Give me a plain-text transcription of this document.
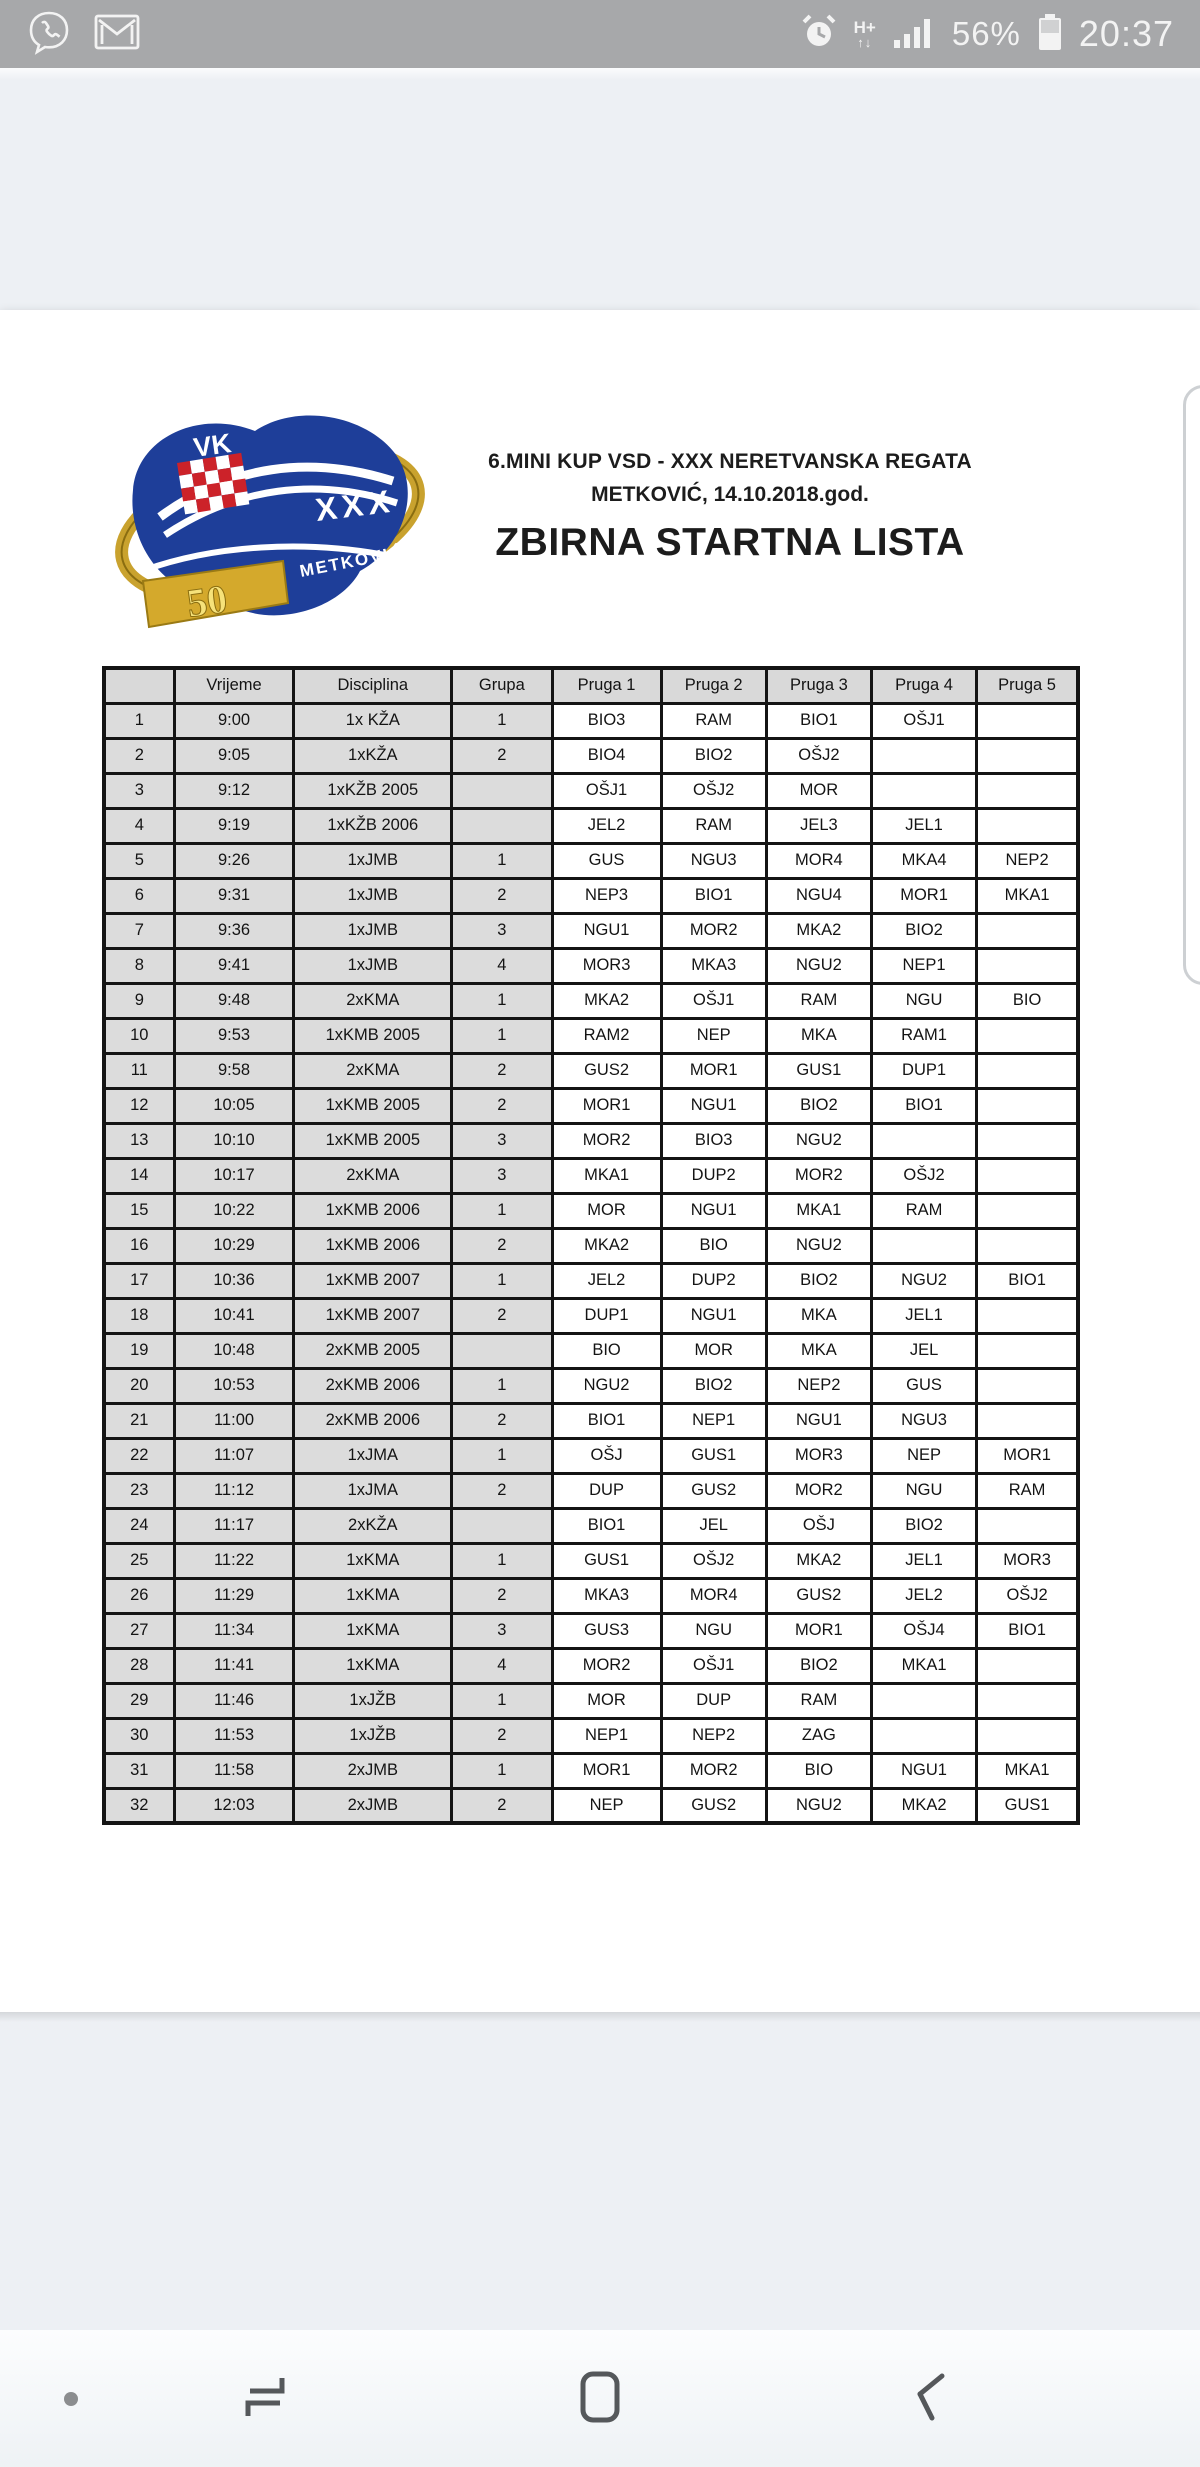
H+
↑↓ 56% 20:37
VK
XXX
METKOVIĆ
50
6.MINI KUP VSD - XXX NERETVANSKA REGATA
METKOVIĆ, 14.10.2018.god.
ZBIRNA STARTNA LISTA
	Vrijeme	Disciplina	Grupa	Pruga 1	Pruga 2	Pruga 3	Pruga 4	Pruga 5
1	9:00	1x KŽA	1	BIO3	RAM	BIO1	OŠJ1	
2	9:05	1xKŽA	2	BIO4	BIO2	OŠJ2		
3	9:12	1xKŽB 2005		OŠJ1	OŠJ2	MOR		
4	9:19	1xKŽB 2006		JEL2	RAM	JEL3	JEL1	
5	9:26	1xJMB	1	GUS	NGU3	MOR4	MKA4	NEP2
6	9:31	1xJMB	2	NEP3	BIO1	NGU4	MOR1	MKA1
7	9:36	1xJMB	3	NGU1	MOR2	MKA2	BIO2	
8	9:41	1xJMB	4	MOR3	MKA3	NGU2	NEP1	
9	9:48	2xKMA	1	MKA2	OŠJ1	RAM	NGU	BIO
10	9:53	1xKMB 2005	1	RAM2	NEP	MKA	RAM1	
11	9:58	2xKMA	2	GUS2	MOR1	GUS1	DUP1	
12	10:05	1xKMB 2005	2	MOR1	NGU1	BIO2	BIO1	
13	10:10	1xKMB 2005	3	MOR2	BIO3	NGU2		
14	10:17	2xKMA	3	MKA1	DUP2	MOR2	OŠJ2	
15	10:22	1xKMB 2006	1	MOR	NGU1	MKA1	RAM	
16	10:29	1xKMB 2006	2	MKA2	BIO	NGU2		
17	10:36	1xKMB 2007	1	JEL2	DUP2	BIO2	NGU2	BIO1
18	10:41	1xKMB 2007	2	DUP1	NGU1	MKA	JEL1	
19	10:48	2xKMB 2005		BIO	MOR	MKA	JEL	
20	10:53	2xKMB 2006	1	NGU2	BIO2	NEP2	GUS	
21	11:00	2xKMB 2006	2	BIO1	NEP1	NGU1	NGU3	
22	11:07	1xJMA	1	OŠJ	GUS1	MOR3	NEP	MOR1
23	11:12	1xJMA	2	DUP	GUS2	MOR2	NGU	RAM
24	11:17	2xKŽA		BIO1	JEL	OŠJ	BIO2	
25	11:22	1xKMA	1	GUS1	OŠJ2	MKA2	JEL1	MOR3
26	11:29	1xKMA	2	MKA3	MOR4	GUS2	JEL2	OŠJ2
27	11:34	1xKMA	3	GUS3	NGU	MOR1	OŠJ4	BIO1
28	11:41	1xKMA	4	MOR2	OŠJ1	BIO2	MKA1	
29	11:46	1xJŽB	1	MOR	DUP	RAM		
30	11:53	1xJŽB	2	NEP1	NEP2	ZAG		
31	11:58	2xJMB	1	MOR1	MOR2	BIO	NGU1	MKA1
32	12:03	2xJMB	2	NEP	GUS2	NGU2	MKA2	GUS1
